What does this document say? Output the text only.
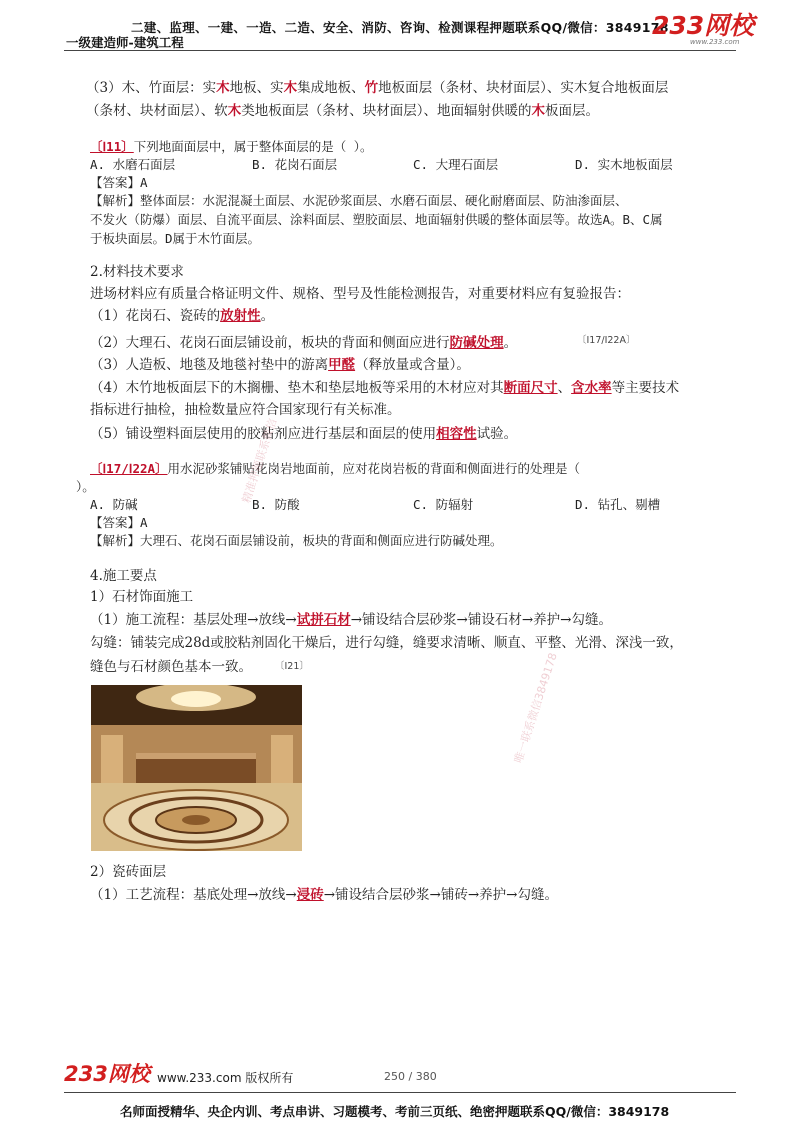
二建、监理、一建、一造、二造、安全、消防、咨询、检测课程押题联系QQ/微信：3849178
一级建造师-建筑工程
233网校
www.233.com
（3）木、竹面层：实木地板、实木集成地板、竹地板面层（条材、块材面层）、实木复合地板面层
（条材、块材面层）、软木类地板面层（条材、块材面层）、地面辐射供暖的木板面层。
〔Ⅰ11〕下列地面面层中，属于整体面层的是（ ）。
A. 水磨石面层	B. 花岗石面层	C. 大理石面层	D. 实木地板面层
【答案】A
【解析】整体面层：水泥混凝土面层、水泥砂浆面层、水磨石面层、硬化耐磨面层、防油渗面层、
不发火（防爆）面层、自流平面层、涂料面层、塑胶面层、地面辐射供暖的整体面层等。故选A。B、C属
于板块面层。D属于木竹面层。
2.材料技术要求
进场材料应有质量合格证明文件、规格、型号及性能检测报告，对重要材料应有复验报告：
（1）花岗石、瓷砖的放射性。
（2）大理石、花岗石面层铺设前，板块的背面和侧面应进行防碱处理。	〔Ⅰ17/Ⅰ22A〕
（3）人造板、地毯及地毯衬垫中的游离甲醛（释放量或含量）。
（4）木竹地板面层下的木搁栅、垫木和垫层地板等采用的木材应对其断面尺寸、含水率等主要技术
指标进行抽检，抽检数量应符合国家现行有关标准。
（5）铺设塑料面层使用的胶粘剂应进行基层和面层的使用相容性试验。
〔Ⅰ17/Ⅰ22A〕用水泥砂浆铺贴花岗岩地面前，应对花岗岩板的背面和侧面进行的处理是（
）。
A. 防碱	B. 防酸	C. 防辐射	D. 钻孔、剔槽
【答案】A
【解析】大理石、花岗石面层铺设前，板块的背面和侧面应进行防碱处理。
4.施工要点
1）石材饰面施工
（1）施工流程：基层处理→放线→试拼石材→铺设结合层砂浆→铺设石材→养护→勾缝。
勾缝：铺装完成28d或胶粘剂固化干燥后，进行勾缝，缝要求清晰、顺直、平整、光滑、深浅一致，
缝色与石材颜色基本一致。 〔Ⅰ21〕
2）瓷砖面层
（1）工艺流程：基底处理→放线→浸砖→铺设结合层砂浆→铺砖→养护→勾缝。
唯一联系微信3849178
精准押题联系微信
233网校 www.233.com 版权所有	250 / 380
名师面授精华、央企内训、考点串讲、习题模考、考前三页纸、绝密押题联系QQ/微信：3849178
